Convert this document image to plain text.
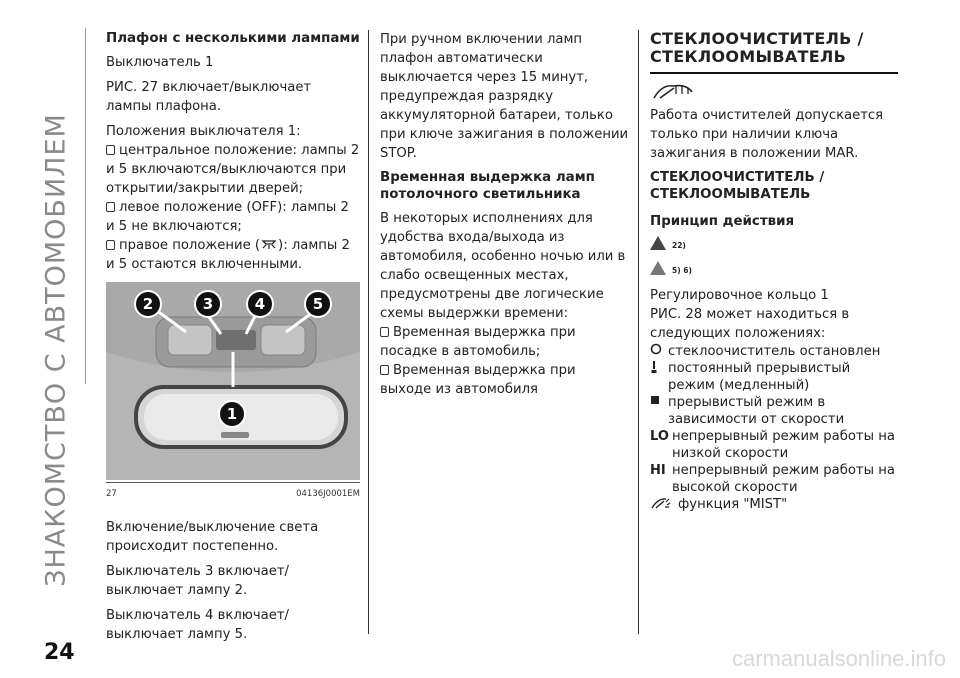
ЗНАКОМСТВО С АВТОМОБИЛЕМ
24
Плафон с несколькими лампами

Выключатель 1

РИС. 27 включает/выключает лампы плафона.

Положения выключателя 1:

центральное положение: лампы 2 и 5 включаются/выключаются при открытии/закрытии дверей;
левое положение (OFF): лампы 2 и 5 не включаются;
правое положение ( ): лампы 2 и 5 остаются включенными.
2	3	4	5
1
27	04136J0001EM

Включение/выключение света происходит постепенно.

Выключатель 3 включает/выключает лампу 2.

Выключатель 4 включает/выключает лампу 5.

При ручном включении ламп плафон автоматически выключается через 15 минут, предупреждая разрядку аккумуляторной батареи, только при ключе зажигания в положении STOP.

Временная выдержка ламп потолочного светильника

В некоторых исполнениях для удобства входа/выхода из автомобиля, особенно ночью или в слабо освещенных местах, предусмотрены две логические схемы выдержки времени:

Временная выдержка при посадке в автомобиль;
Временная выдержка при выходе из автомобиля
СТЕКЛООЧИСТИТЕЛЬ / СТЕКЛООМЫВАТЕЛЬ

Работа очистителей допускается только при наличии ключа зажигания в положении MAR.

СТЕКЛООЧИСТИТЕЛЬ / СТЕКЛООМЫВАТЕЛЬ
Принцип действия
22)
5) 6)

Регулировочное кольцо 1

РИС. 28 может находиться в следующих положениях:

стеклоочиститель остановлен
постоянный прерывистый режим (медленный)
прерывистый режим в зависимости от скорости
LO непрерывный режим работы на низкой скорости
HI непрерывный режим работы на высокой скорости
функция "MIST"
carmanualsonline.info
